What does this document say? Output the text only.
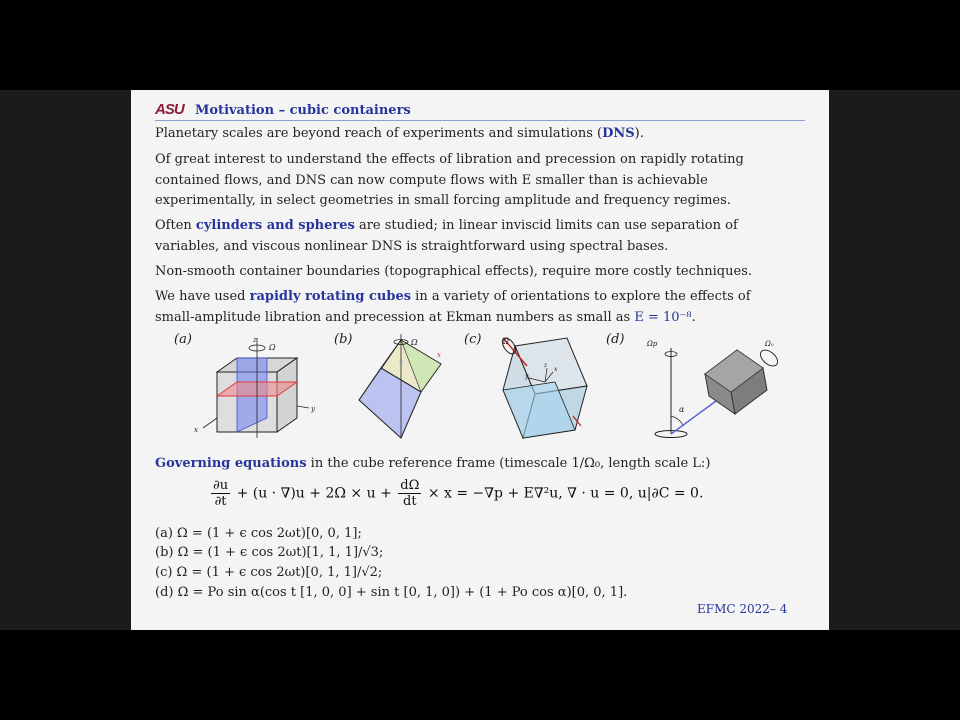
ASU Motivation – cubic containers
Planetary scales are beyond reach of experiments and simulations (DNS).
Of great interest to understand the effects of libration and precession on rapidly rotating
contained flows, and DNS can now compute flows with E smaller than is achievable
experimentally, in select geometries in small forcing amplitude and frequency regimes.
Often cylinders and spheres are studied; in linear inviscid limits can use separation of
variables, and viscous nonlinear DNS is straightforward using spectral bases.
Non-smooth container boundaries (topographical effects), require more costly techniques.
We have used rapidly rotating cubes in a variety of orientations to explore the effects of
small-amplitude libration and precession at Ekman numbers as small as E = 10⁻⁸.
(a)	(b)	(c)	(d)
z
Ω
y
x
Ω
z
x
Ω
z
y
x
Ωp
α
Ω₀
Governing equations in the cube reference frame (timescale 1/Ω₀, length scale L:)
$\frac{\partial u}{\partial t} + (u \cdot \nabla)u + 2\Omega \times u + \frac{d\Omega}{dt} \times x = -\nabla p + E\nabla^2u$, ∇ · u = 0, u|∂C = 0.
(a) Ω = (1 + ϵ cos 2ωt)[0, 0, 1];
(b) Ω = (1 + ϵ cos 2ωt)[1, 1, 1]/√3;
(c) Ω = (1 + ϵ cos 2ωt)[0, 1, 1]/√2;
(d) Ω = Po sin α(cos t [1, 0, 0] + sin t [0, 1, 0]) + (1 + Po cos α)[0, 0, 1].
EFMC 2022– 4
